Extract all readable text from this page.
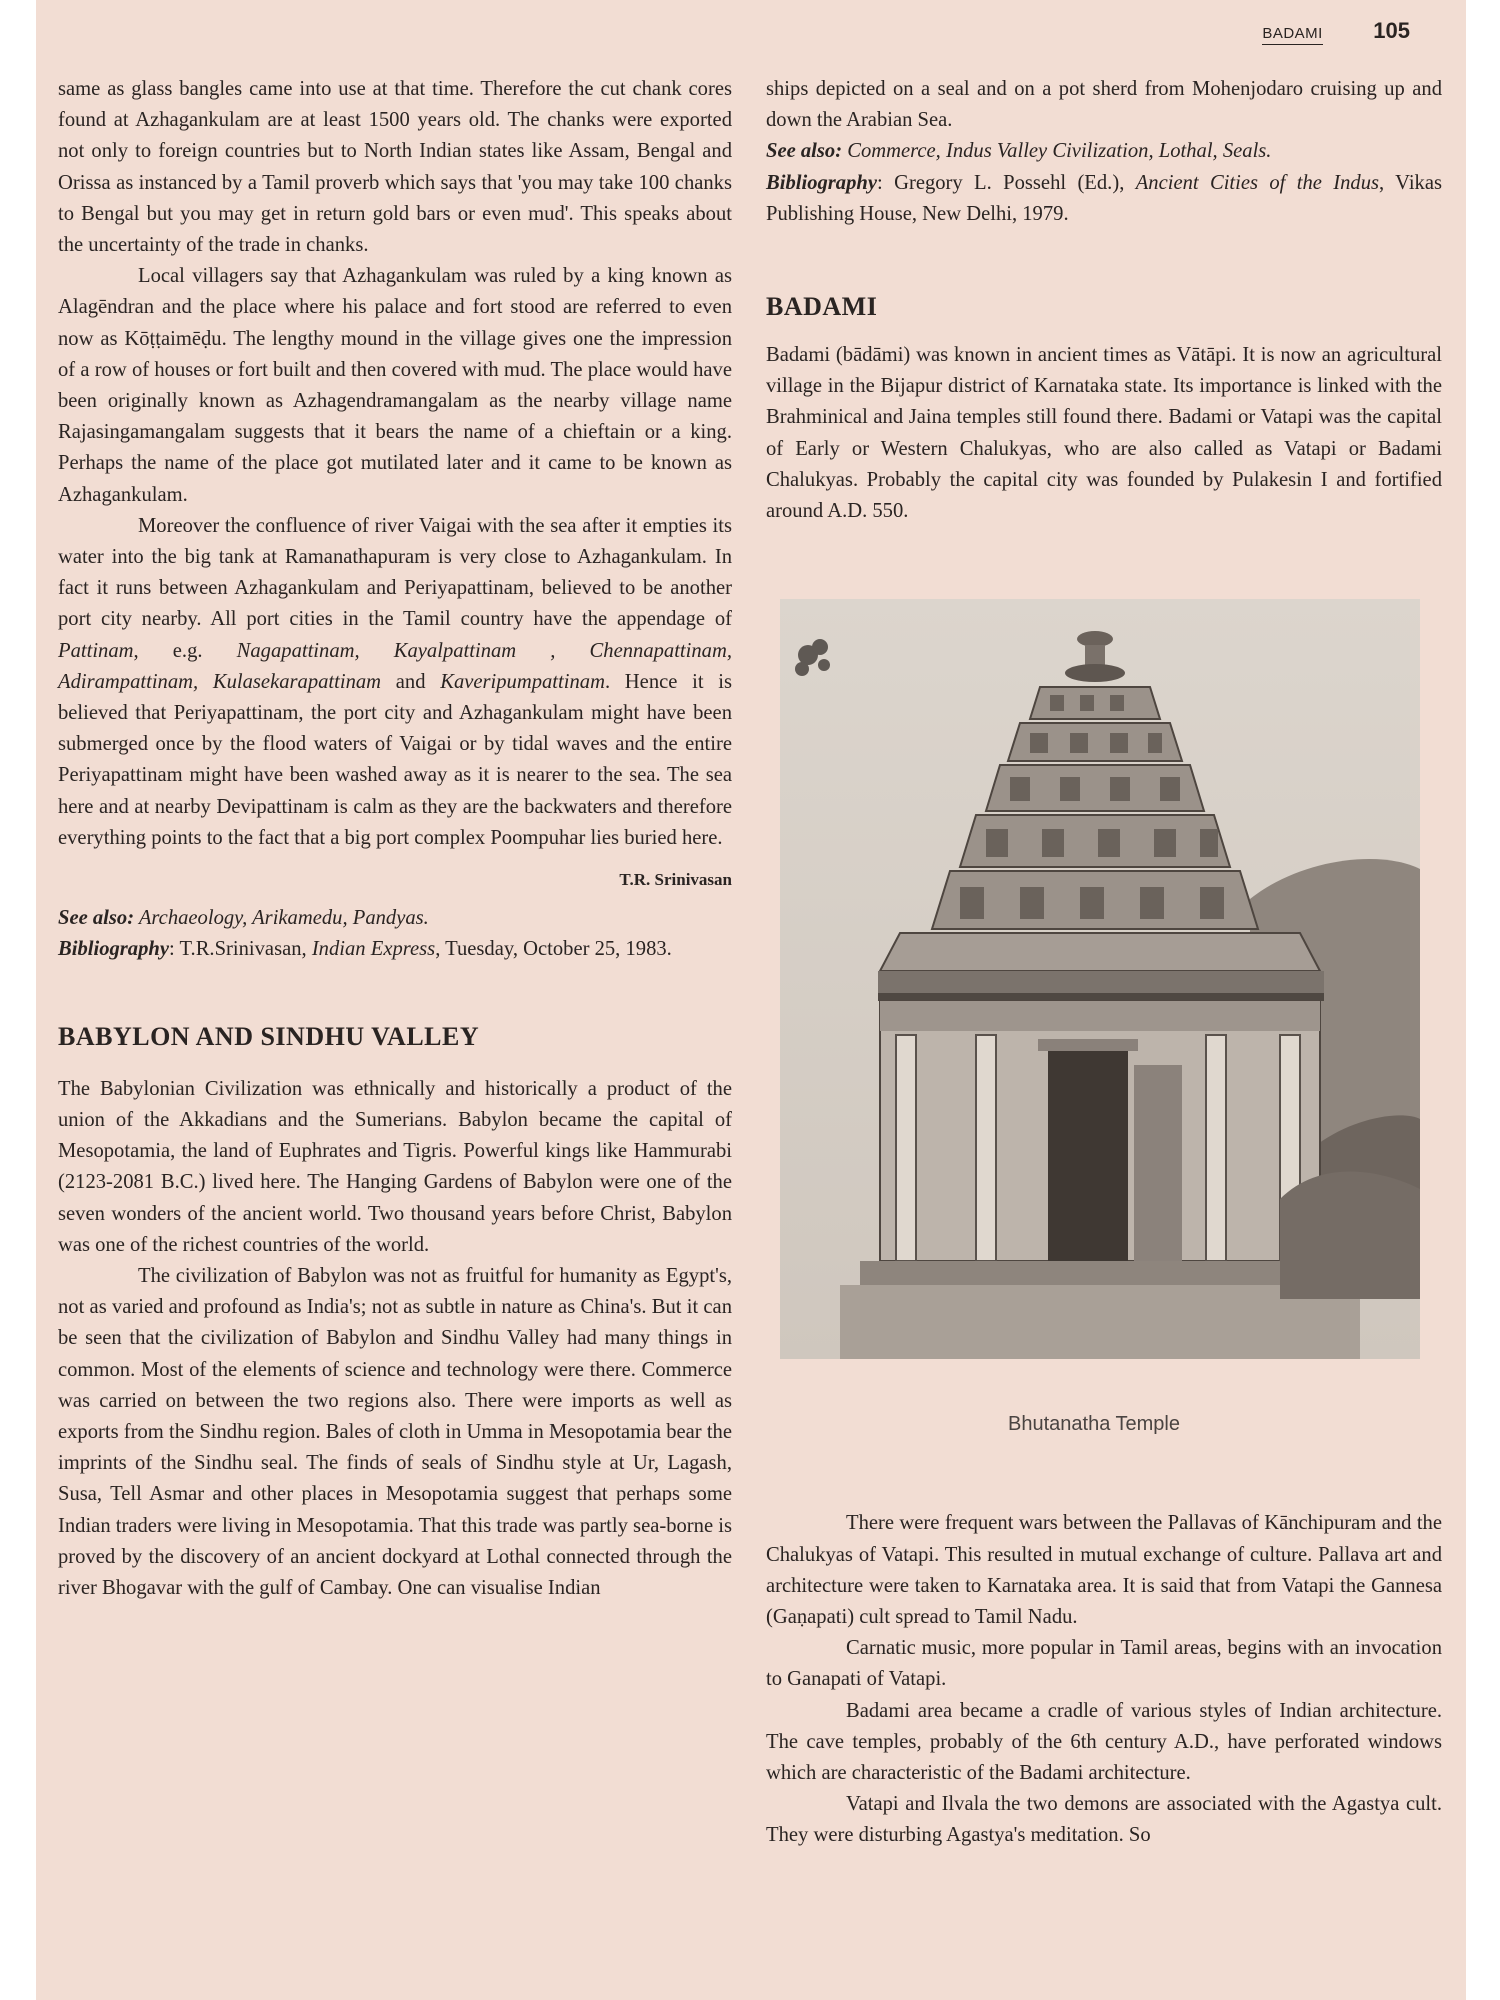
BADAMI 105

same as glass bangles came into use at that time. Therefore the cut chank cores found at Azhagankulam are at least 1500 years old. The chanks were exported not only to foreign countries but to North Indian states like Assam, Bengal and Orissa as instanced by a Tamil proverb which says that 'you may take 100 chanks to Bengal but you may get in return gold bars or even mud'. This speaks about the uncertainty of the trade in chanks.

Local villagers say that Azhagankulam was ruled by a king known as Alagēndran and the place where his palace and fort stood are referred to even now as Kōṭṭaimēḍu. The lengthy mound in the village gives one the impression of a row of houses or fort built and then covered with mud. The place would have been originally known as Azhagendramangalam as the nearby village name Rajasingamangalam suggests that it bears the name of a chieftain or a king. Perhaps the name of the place got mutilated later and it came to be known as Azhagankulam.

Moreover the confluence of river Vaigai with the sea after it empties its water into the big tank at Ramanathapuram is very close to Azhagankulam. In fact it runs between Azhagankulam and Periyapattinam, believed to be another port city nearby. All port cities in the Tamil country have the appendage of Pattinam, e.g. Nagapattinam, Kayalpattinam , Chennapattinam, Adirampattinam, Kulasekarapattinam and Kaveripumpattinam. Hence it is believed that Periyapattinam, the port city and Azhagankulam might have been submerged once by the flood waters of Vaigai or by tidal waves and the entire Periyapattinam might have been washed away as it is nearer to the sea. The sea here and at nearby Devipattinam is calm as they are the backwaters and therefore everything points to the fact that a big port complex Poompuhar lies buried here.

T.R. Srinivasan

See also: Archaeology, Arikamedu, Pandyas.

Bibliography: T.R.Srinivasan, Indian Express, Tuesday, October 25, 1983.

BABYLON AND SINDHU VALLEY

The Babylonian Civilization was ethnically and historically a product of the union of the Akkadians and the Sumerians. Babylon became the capital of Mesopotamia, the land of Euphrates and Tigris. Powerful kings like Hammurabi (2123-2081 B.C.) lived here. The Hanging Gardens of Babylon were one of the seven wonders of the ancient world. Two thousand years before Christ, Babylon was one of the richest countries of the world.

The civilization of Babylon was not as fruitful for humanity as Egypt's, not as varied and profound as India's; not as subtle in nature as China's. But it can be seen that the civilization of Babylon and Sindhu Valley had many things in common. Most of the elements of science and technology were there. Commerce was carried on between the two regions also. There were imports as well as exports from the Sindhu region. Bales of cloth in Umma in Mesopotamia bear the imprints of the Sindhu seal. The finds of seals of Sindhu style at Ur, Lagash, Susa, Tell Asmar and other places in Mesopotamia suggest that perhaps some Indian traders were living in Mesopotamia. That this trade was partly sea-borne is proved by the discovery of an ancient dockyard at Lothal connected through the river Bhogavar with the gulf of Cambay. One can visualise Indian

ships depicted on a seal and on a pot sherd from Mohenjodaro cruising up and down the Arabian Sea.

See also: Commerce, Indus Valley Civilization, Lothal, Seals.

Bibliography: Gregory L. Possehl (Ed.), Ancient Cities of the Indus, Vikas Publishing House, New Delhi, 1979.

BADAMI

Badami (bādāmi) was known in ancient times as Vātāpi. It is now an agricultural village in the Bijapur district of Karnataka state. Its importance is linked with the Brahminical and Jaina temples still found there. Badami or Vatapi was the capital of Early or Western Chalukyas, who are also called as Vatapi or Badami Chalukyas. Probably the capital city was founded by Pulakesin I and fortified around A.D. 550.

Bhutanatha Temple

There were frequent wars between the Pallavas of Kānchipuram and the Chalukyas of Vatapi. This resulted in mutual exchange of culture. Pallava art and architecture were taken to Karnataka area. It is said that from Vatapi the Gannesa (Gaṇapati) cult spread to Tamil Nadu.

Carnatic music, more popular in Tamil areas, begins with an invocation to Ganapati of Vatapi.

Badami area became a cradle of various styles of Indian architecture. The cave temples, probably of the 6th century A.D., have perforated windows which are characteristic of the Badami architecture.

Vatapi and Ilvala the two demons are associated with the Agastya cult. They were disturbing Agastya's meditation. So
